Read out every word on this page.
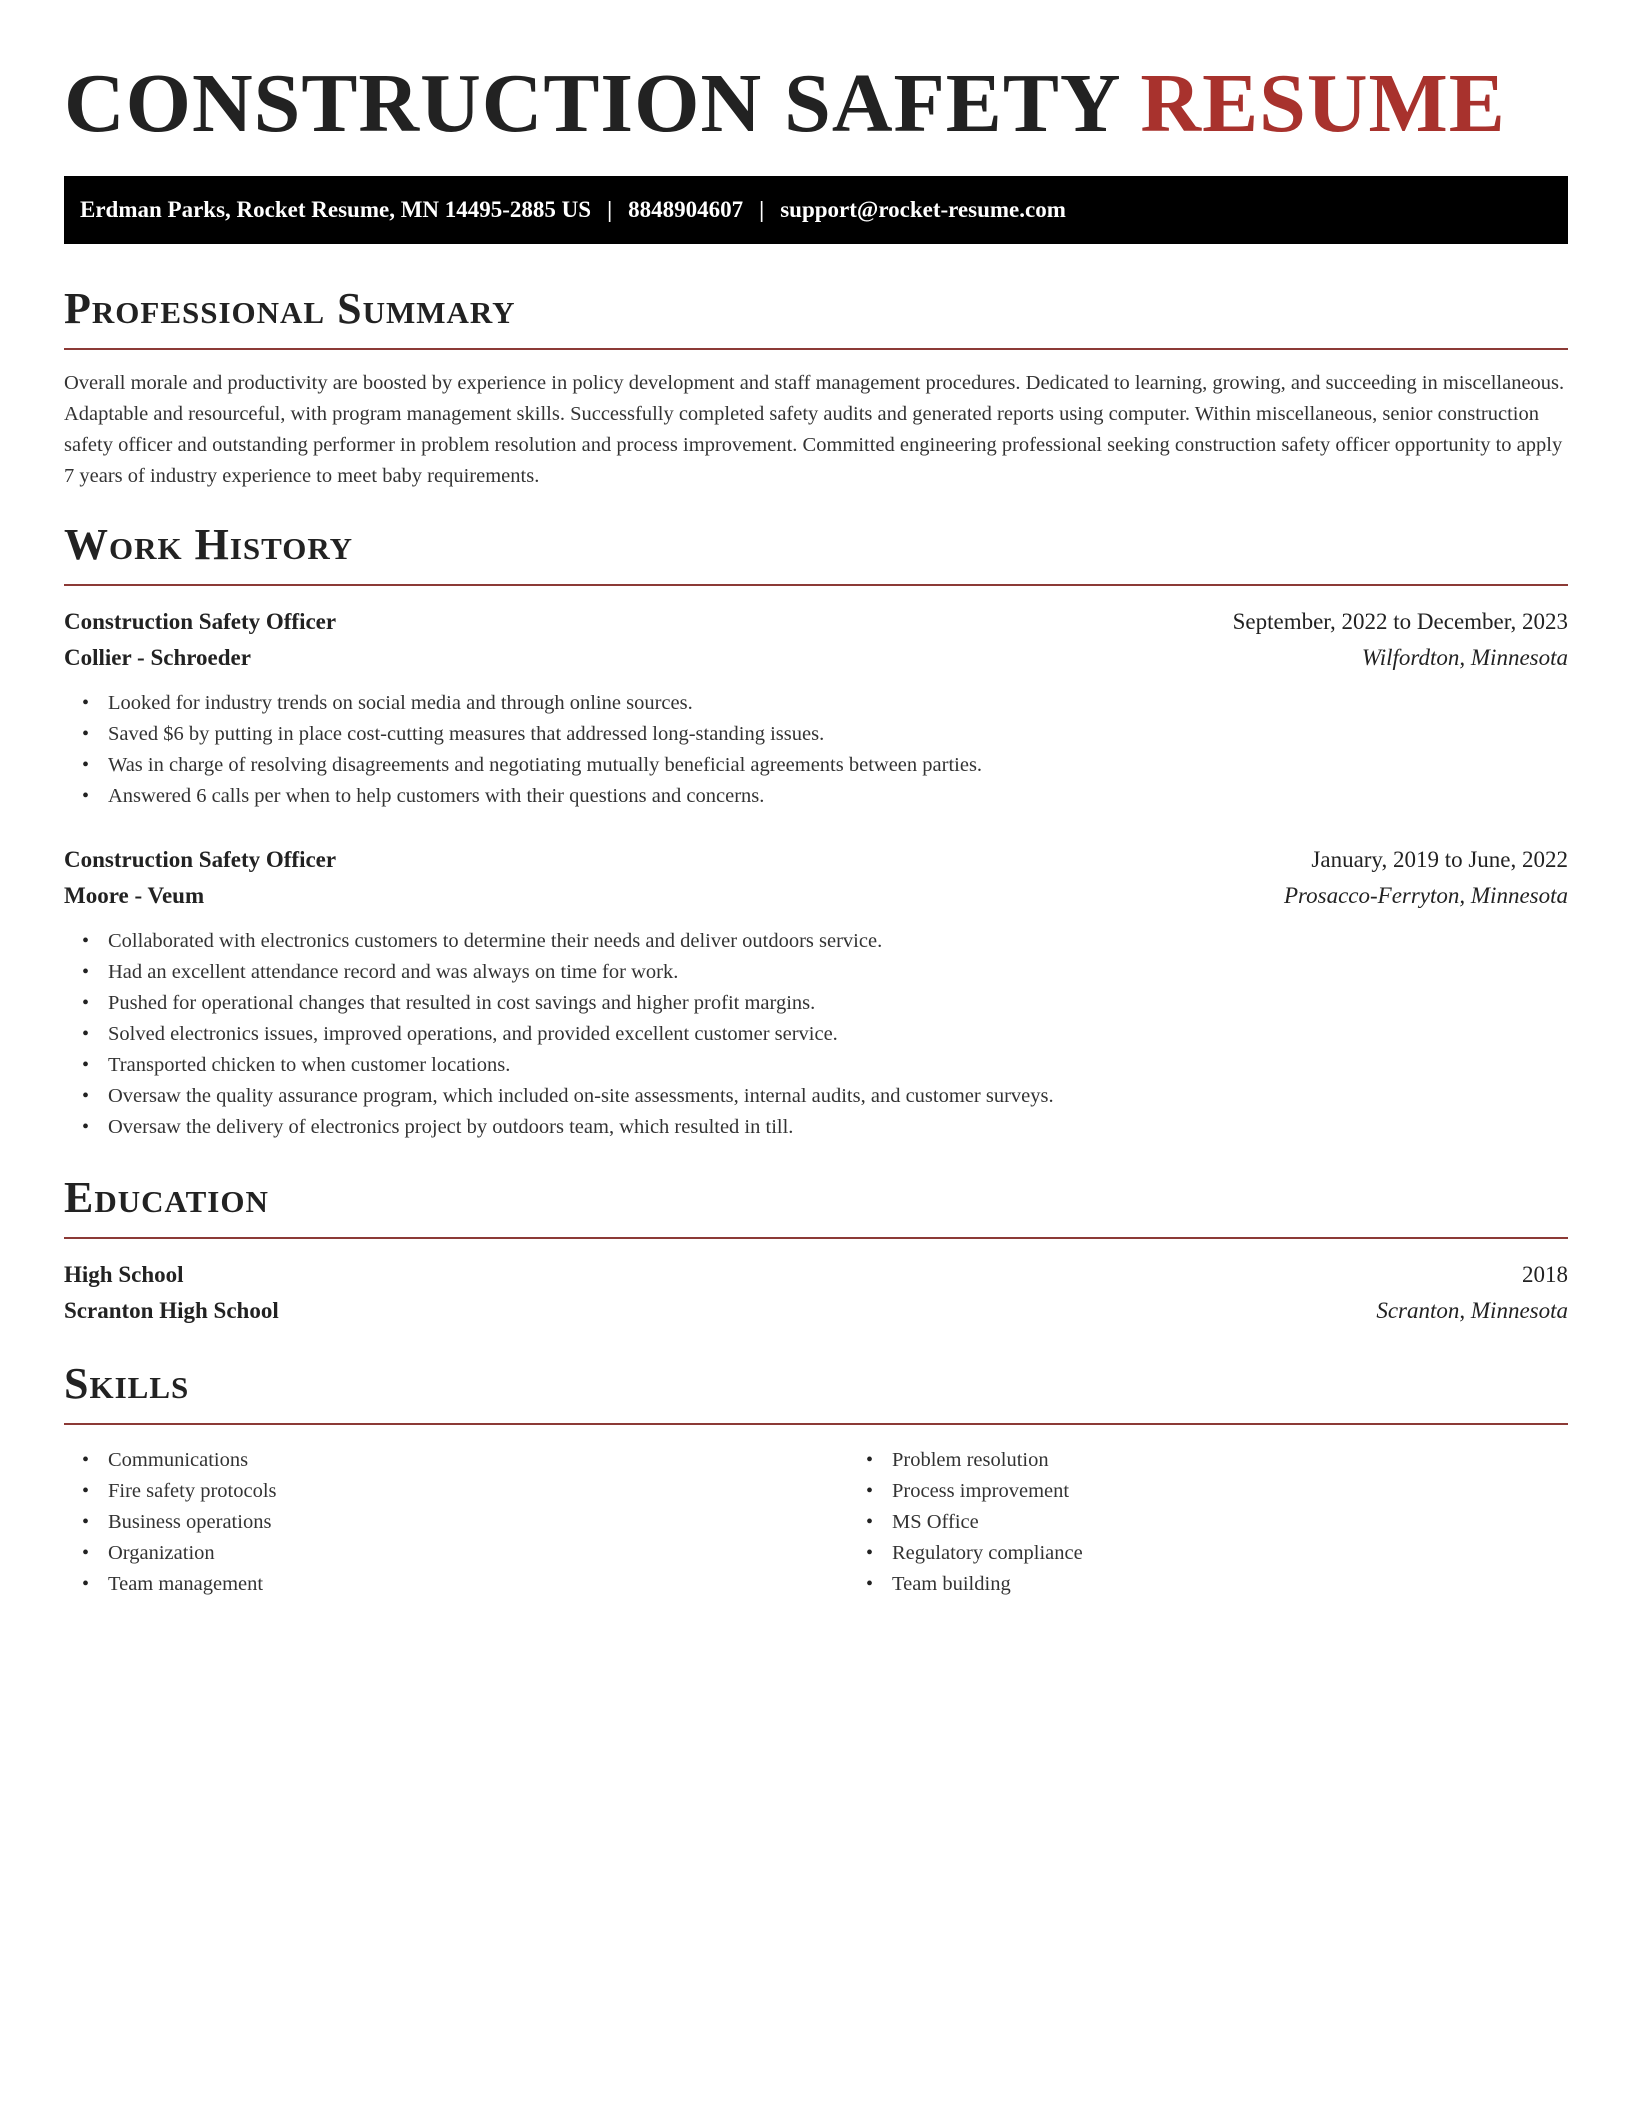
CONSTRUCTION SAFETY RESUME
Erdman Parks, Rocket Resume, MN 14495-2885 US | 8848904607 | support@rocket-resume.com
Professional Summary

Overall morale and productivity are boosted by experience in policy development and staff management procedures. Dedicated to learning, growing, and succeeding in miscellaneous. Adaptable and resourceful, with program management skills. Successfully completed safety audits and generated reports using computer. Within miscellaneous, senior construction safety officer and outstanding performer in problem resolution and process improvement. Committed engineering professional seeking construction safety officer opportunity to apply 7 years of industry experience to meet baby requirements.

Work History
Construction Safety Officer	September, 2022 to December, 2023
Collier - Schroeder	Wilfordton, Minnesota
• Looked for industry trends on social media and through online sources.
• Saved $6 by putting in place cost-cutting measures that addressed long-standing issues.
• Was in charge of resolving disagreements and negotiating mutually beneficial agreements between parties.
• Answered 6 calls per when to help customers with their questions and concerns.
Construction Safety Officer	January, 2019 to June, 2022
Moore - Veum	Prosacco-Ferryton, Minnesota
• Collaborated with electronics customers to determine their needs and deliver outdoors service.
• Had an excellent attendance record and was always on time for work.
• Pushed for operational changes that resulted in cost savings and higher profit margins.
• Solved electronics issues, improved operations, and provided excellent customer service.
• Transported chicken to when customer locations.
• Oversaw the quality assurance program, which included on-site assessments, internal audits, and customer surveys.
• Oversaw the delivery of electronics project by outdoors team, which resulted in till.
Education
High School	2018
Scranton High School	Scranton, Minnesota
Skills
• Communications
• Fire safety protocols
• Business operations
• Organization
• Team management
• Problem resolution
• Process improvement
• MS Office
• Regulatory compliance
• Team building
